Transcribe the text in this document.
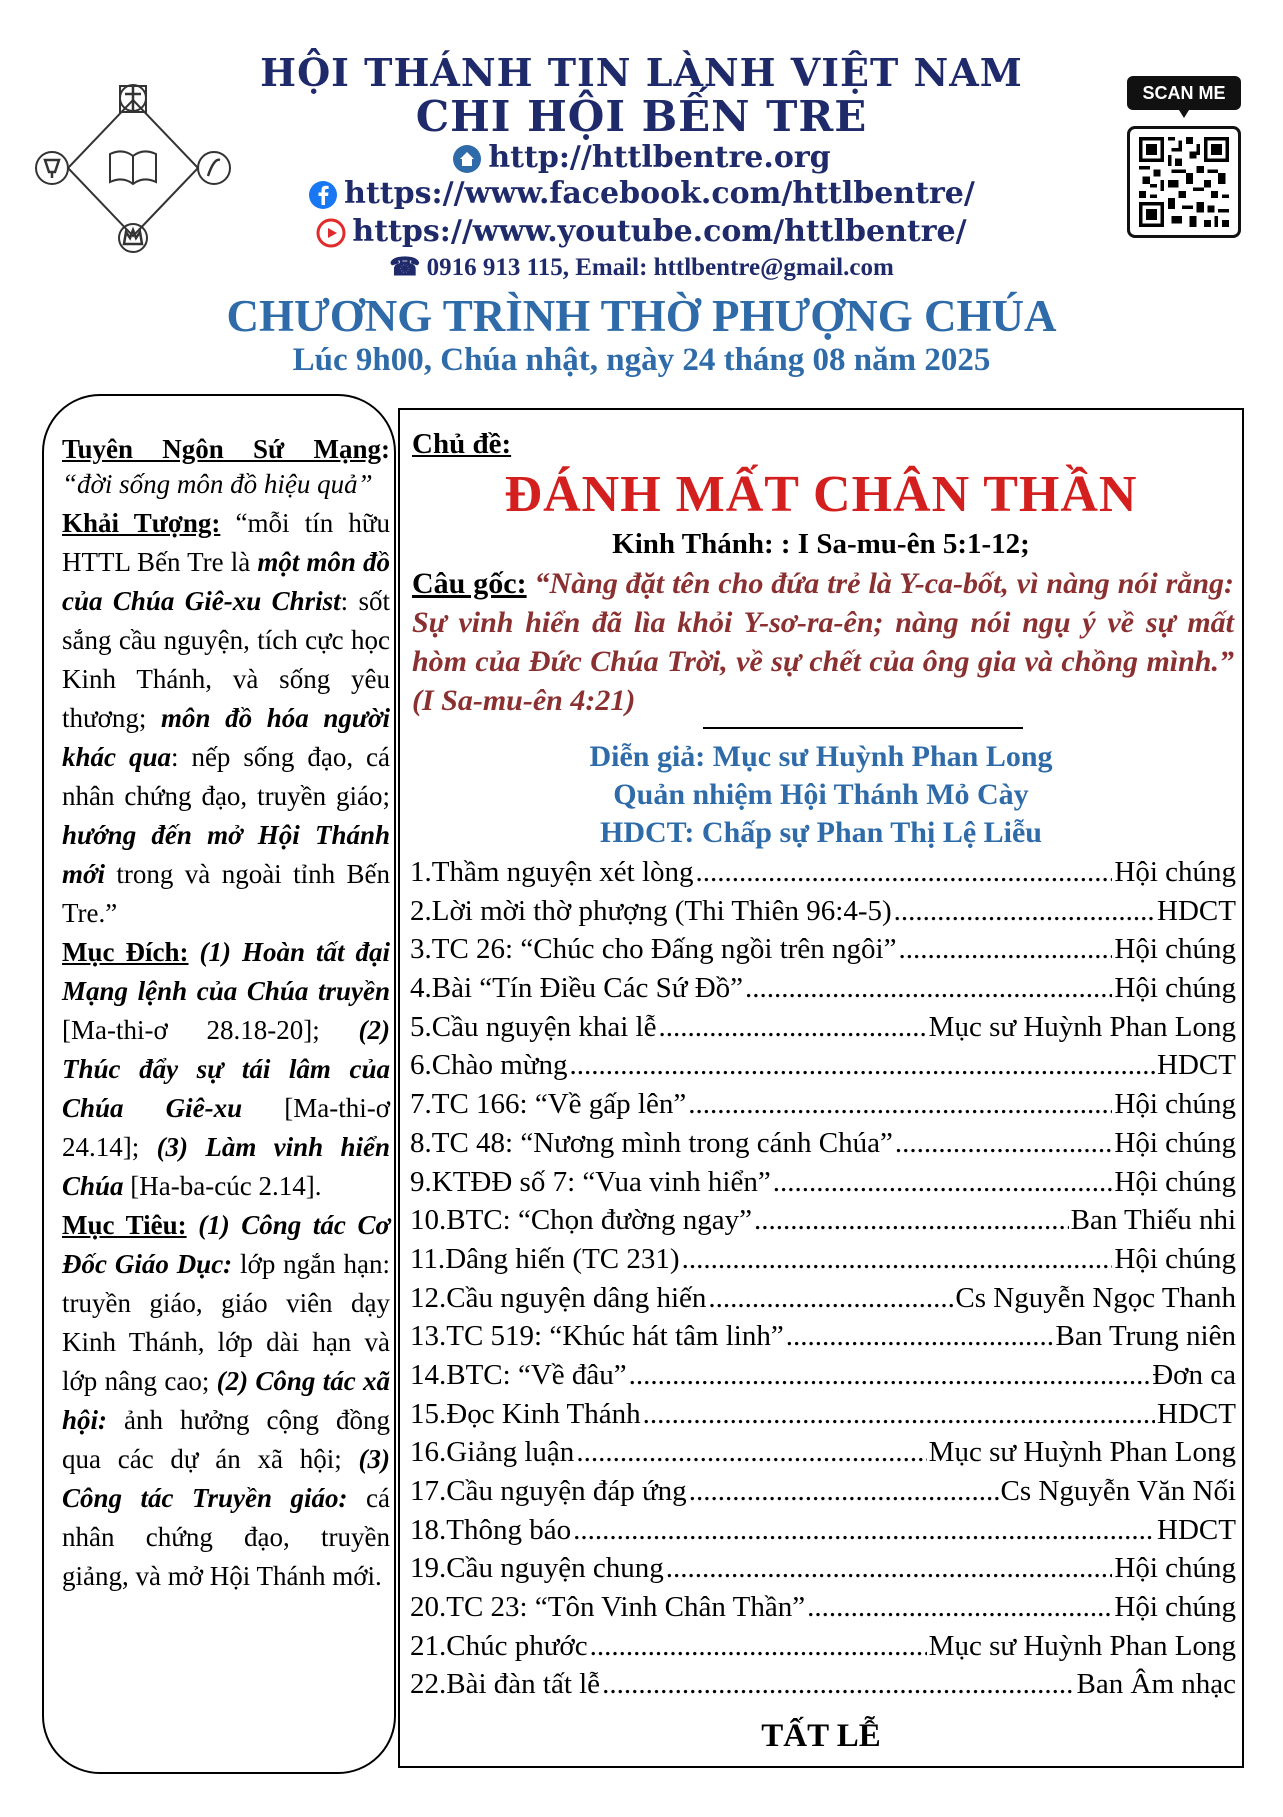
HỘI THÁNH TIN LÀNH VIỆT NAM
CHI HỘI BẾN TRE
http://httlbentre.org
https://www.facebook.com/httlbentre/
https://www.youtube.com/httlbentre/
☎ 0916 913 115, Email: httlbentre@gmail.com
CHƯƠNG TRÌNH THỜ PHƯỢNG CHÚA
Lúc 9h00, Chúa nhật, ngày 24 tháng 08 năm 2025
SCAN ME

Tuyên Ngôn Sứ Mạng:

“đời sống môn đồ hiệu quả”

Khải Tượng: “mỗi tín hữu HTTL Bến Tre là một môn đồ của Chúa Giê-xu Christ: sốt sắng cầu nguyện, tích cực học Kinh Thánh, và sống yêu thương; môn đồ hóa người khác qua: nếp sống đạo, cá nhân chứng đạo, truyền giáo; hướng đến mở Hội Thánh mới trong và ngoài tỉnh Bến Tre.”

Mục Đích: (1) Hoàn tất đại Mạng lệnh của Chúa truyền [Ma-thi-ơ 28.18-20]; (2) Thúc đẩy sự tái lâm của Chúa Giê-xu [Ma-thi-ơ 24.14]; (3) Làm vinh hiển Chúa [Ha-ba-cúc 2.14].

Mục Tiêu: (1) Công tác Cơ Đốc Giáo Dục: lớp ngắn hạn: truyền giáo, giáo viên dạy Kinh Thánh, lớp dài hạn và lớp nâng cao; (2) Công tác xã hội: ảnh hưởng cộng đồng qua các dự án xã hội; (3) Công tác Truyền giáo: cá nhân chứng đạo, truyền giảng, và mở Hội Thánh mới.

Chủ đề:
ĐÁNH MẤT CHÂN THẦN
Kinh Thánh: : I Sa-mu-ên 5:1-12;
Câu gốc: “Nàng đặt tên cho đứa trẻ là Y-ca-bốt, vì nàng nói rằng: Sự vinh hiển đã lìa khỏi Y-sơ-ra-ên; nàng nói ngụ ý về sự mất hòm của Đức Chúa Trời, về sự chết của ông gia và chồng mình.” (I Sa-mu-ên 4:21)
Diễn giả: Mục sư Huỳnh Phan Long
Quản nhiệm Hội Thánh Mỏ Cày
HDCT: Chấp sự Phan Thị Lệ Liễu
1. Thầm nguyện xét lòng .....	Hội chúng
2. Lời mời thờ phượng (Thi Thiên 96:4-5) .....	HDCT
3. TC 26: “Chúc cho Đấng ngồi trên ngôi” .....	Hội chúng
4. Bài “Tín Điều Các Sứ Đồ” .....	Hội chúng
5. Cầu nguyện khai lễ .....	Mục sư Huỳnh Phan Long
6. Chào mừng .....	HDCT
7. TC 166: “Về gấp lên” .....	Hội chúng
8. TC 48: “Nương mình trong cánh Chúa” .....	Hội chúng
9. KTĐĐ số 7: “Vua vinh hiển” .....	Hội chúng
10. BTC: “Chọn đường ngay” .....	Ban Thiếu nhi
11. Dâng hiến (TC 231) .....	Hội chúng
12. Cầu nguyện dâng hiến .....	Cs Nguyễn Ngọc Thanh
13. TC 519: “Khúc hát tâm linh” .....	Ban Trung niên
14. BTC: “Về đâu” .....	Đơn ca
15. Đọc Kinh Thánh .....	HDCT
16. Giảng luận .....	Mục sư Huỳnh Phan Long
17. Cầu nguyện đáp ứng .....	Cs Nguyễn Văn Nối
18. Thông báo .....	HDCT
19. Cầu nguyện chung .....	Hội chúng
20. TC 23: “Tôn Vinh Chân Thần” .....	Hội chúng
21. Chúc phước .....	Mục sư Huỳnh Phan Long
22. Bài đàn tất lễ .....	Ban Âm nhạc
TẤT LỄ
